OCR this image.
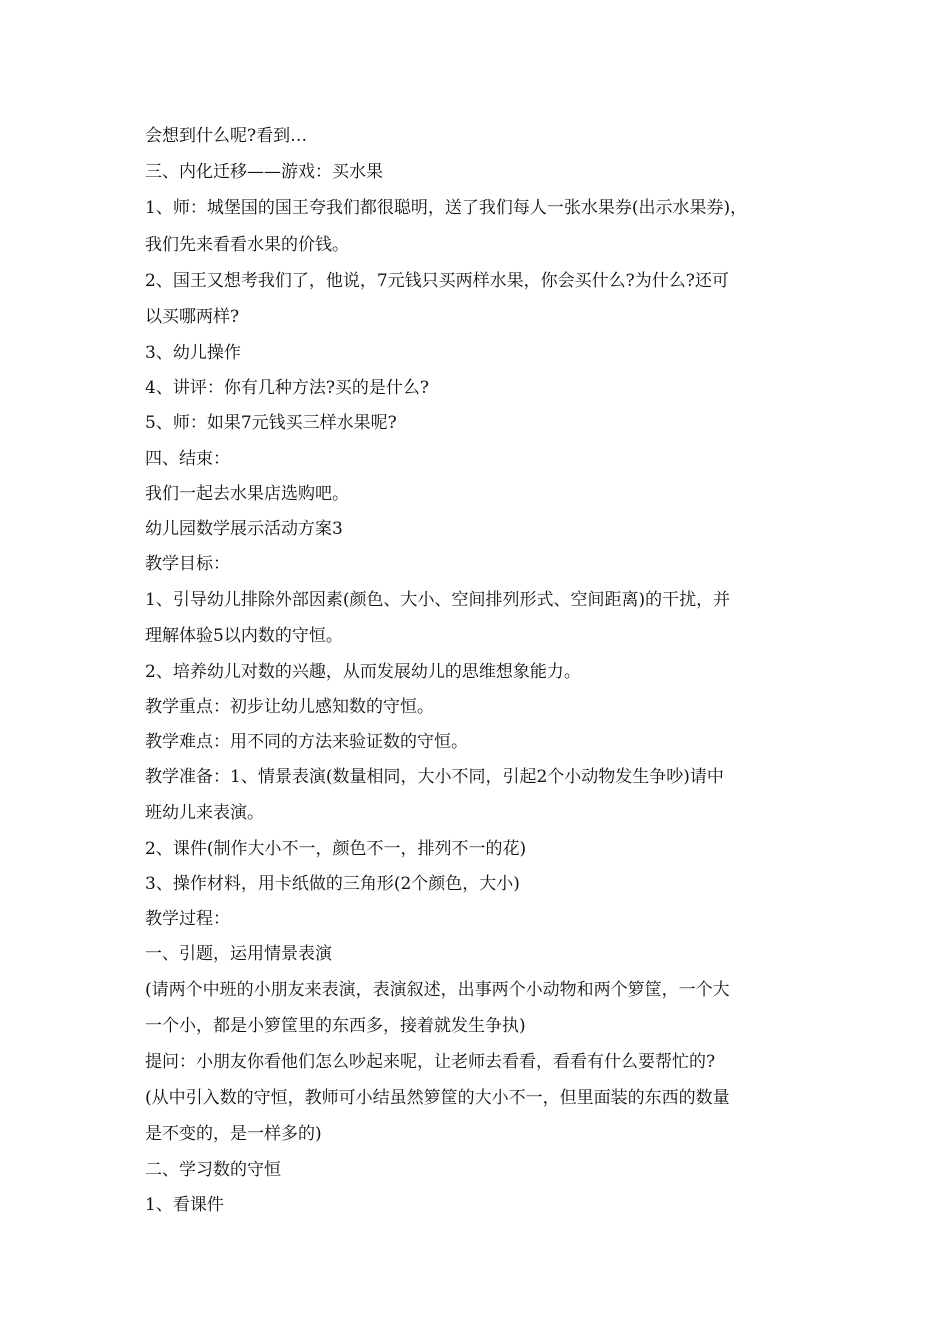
会想到什么呢?看到…
三、内化迁移——游戏：买水果
1、师：城堡国的国王夸我们都很聪明，送了我们每人一张水果券(出示水果券)，
我们先来看看水果的价钱。
2、国王又想考我们了，他说，7元钱只买两样水果，你会买什么?为什么?还可
以买哪两样?
3、幼儿操作
4、讲评：你有几种方法?买的是什么?
5、师：如果7元钱买三样水果呢?
四、结束：
我们一起去水果店选购吧。
幼儿园数学展示活动方案3
教学目标：
1、引导幼儿排除外部因素(颜色、大小、空间排列形式、空间距离)的干扰，并
理解体验5以内数的守恒。
2、培养幼儿对数的兴趣，从而发展幼儿的思维想象能力。
教学重点：初步让幼儿感知数的守恒。
教学难点：用不同的方法来验证数的守恒。
教学准备：1、情景表演(数量相同，大小不同，引起2个小动物发生争吵)请中
班幼儿来表演。
2、课件(制作大小不一，颜色不一，排列不一的花)
3、操作材料，用卡纸做的三角形(2个颜色，大小)
教学过程：
一、引题，运用情景表演
(请两个中班的小朋友来表演，表演叙述，出事两个小动物和两个箩筐，一个大
一个小，都是小箩筐里的东西多，接着就发生争执)
提问：小朋友你看他们怎么吵起来呢，让老师去看看，看看有什么要帮忙的?
(从中引入数的守恒，教师可小结虽然箩筐的大小不一，但里面装的东西的数量
是不变的，是一样多的)
二、学习数的守恒
1、看课件
